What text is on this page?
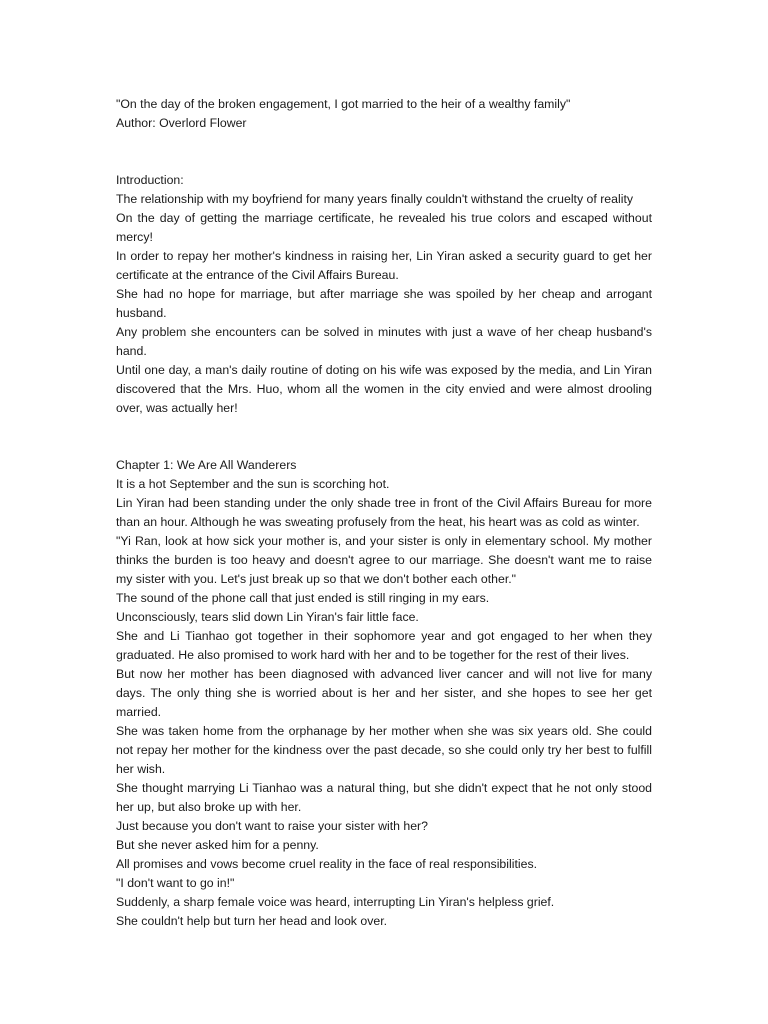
"On the day of the broken engagement, I got married to the heir of a wealthy family"

Author: Overlord Flower

Introduction:

The relationship with my boyfriend for many years finally couldn't withstand the cruelty of reality

On the day of getting the marriage certificate, he revealed his true colors and escaped without mercy!

In order to repay her mother's kindness in raising her, Lin Yiran asked a security guard to get her certificate at the entrance of the Civil Affairs Bureau.

She had no hope for marriage, but after marriage she was spoiled by her cheap and arrogant husband.

Any problem she encounters can be solved in minutes with just a wave of her cheap husband's hand.

Until one day, a man's daily routine of doting on his wife was exposed by the media, and Lin Yiran discovered that the Mrs. Huo, whom all the women in the city envied and were almost drooling over, was actually her!

Chapter 1: We Are All Wanderers

It is a hot September and the sun is scorching hot.

Lin Yiran had been standing under the only shade tree in front of the Civil Affairs Bureau for more than an hour. Although he was sweating profusely from the heat, his heart was as cold as winter.

"Yi Ran, look at how sick your mother is, and your sister is only in elementary school. My mother thinks the burden is too heavy and doesn't agree to our marriage. She doesn't want me to raise my sister with you. Let's just break up so that we don't bother each other."

The sound of the phone call that just ended is still ringing in my ears.

Unconsciously, tears slid down Lin Yiran's fair little face.

She and Li Tianhao got together in their sophomore year and got engaged to her when they graduated. He also promised to work hard with her and to be together for the rest of their lives.

But now her mother has been diagnosed with advanced liver cancer and will not live for many days. The only thing she is worried about is her and her sister, and she hopes to see her get married.

She was taken home from the orphanage by her mother when she was six years old. She could not repay her mother for the kindness over the past decade, so she could only try her best to fulfill her wish.

She thought marrying Li Tianhao was a natural thing, but she didn't expect that he not only stood her up, but also broke up with her.

Just because you don't want to raise your sister with her?

But she never asked him for a penny.

All promises and vows become cruel reality in the face of real responsibilities.

"I don't want to go in!"

Suddenly, a sharp female voice was heard, interrupting Lin Yiran's helpless grief.

She couldn't help but turn her head and look over.
